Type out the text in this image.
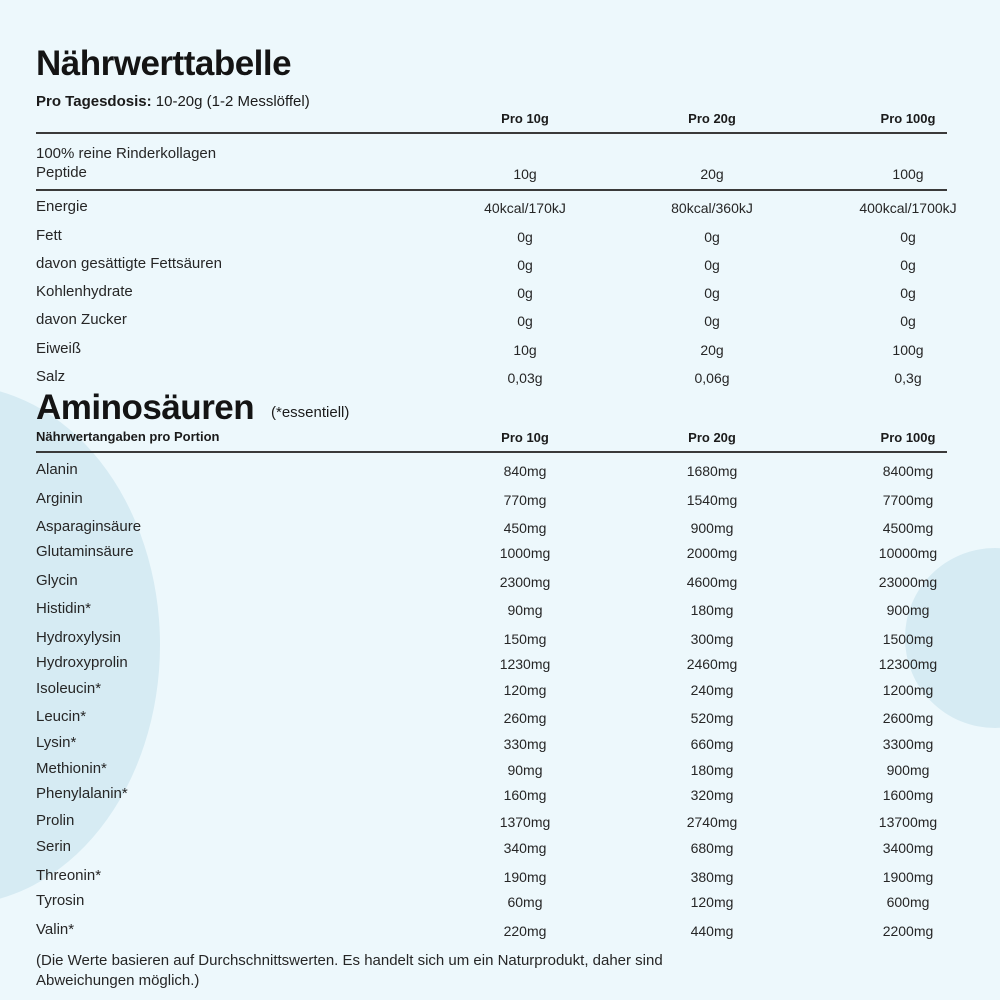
Nährwerttabelle
Pro Tagesdosis: 10-20g (1-2 Messlöffel)
Pro 10g	Pro 20g	Pro 100g
100% reine Rinderkollagen
Peptide	10g	20g	100g
Energie	40kcal/170kJ	80kcal/360kJ	400kcal/1700kJ
Fett	0g	0g	0g
davon gesättigte Fettsäuren	0g	0g	0g
Kohlenhydrate	0g	0g	0g
davon Zucker	0g	0g	0g
Eiweiß	10g	20g	100g
Salz	0,03g	0,06g	0,3g
Aminosäuren (*essentiell)
Nährwertangaben pro Portion	Pro 10g	Pro 20g	Pro 100g
Alanin	840mg	1680mg	8400mg
Arginin	770mg	1540mg	7700mg
Asparaginsäure	450mg	900mg	4500mg
Glutaminsäure	1000mg	2000mg	10000mg
Glycin	2300mg	4600mg	23000mg
Histidin*	90mg	180mg	900mg
Hydroxylysin	150mg	300mg	1500mg
Hydroxyprolin	1230mg	2460mg	12300mg
Isoleucin*	120mg	240mg	1200mg
Leucin*	260mg	520mg	2600mg
Lysin*	330mg	660mg	3300mg
Methionin*	90mg	180mg	900mg
Phenylalanin*	160mg	320mg	1600mg
Prolin	1370mg	2740mg	13700mg
Serin	340mg	680mg	3400mg
Threonin*	190mg	380mg	1900mg
Tyrosin	60mg	120mg	600mg
Valin*	220mg	440mg	2200mg
(Die Werte basieren auf Durchschnittswerten. Es handelt sich um ein Naturprodukt, daher sind Abweichungen möglich.)
